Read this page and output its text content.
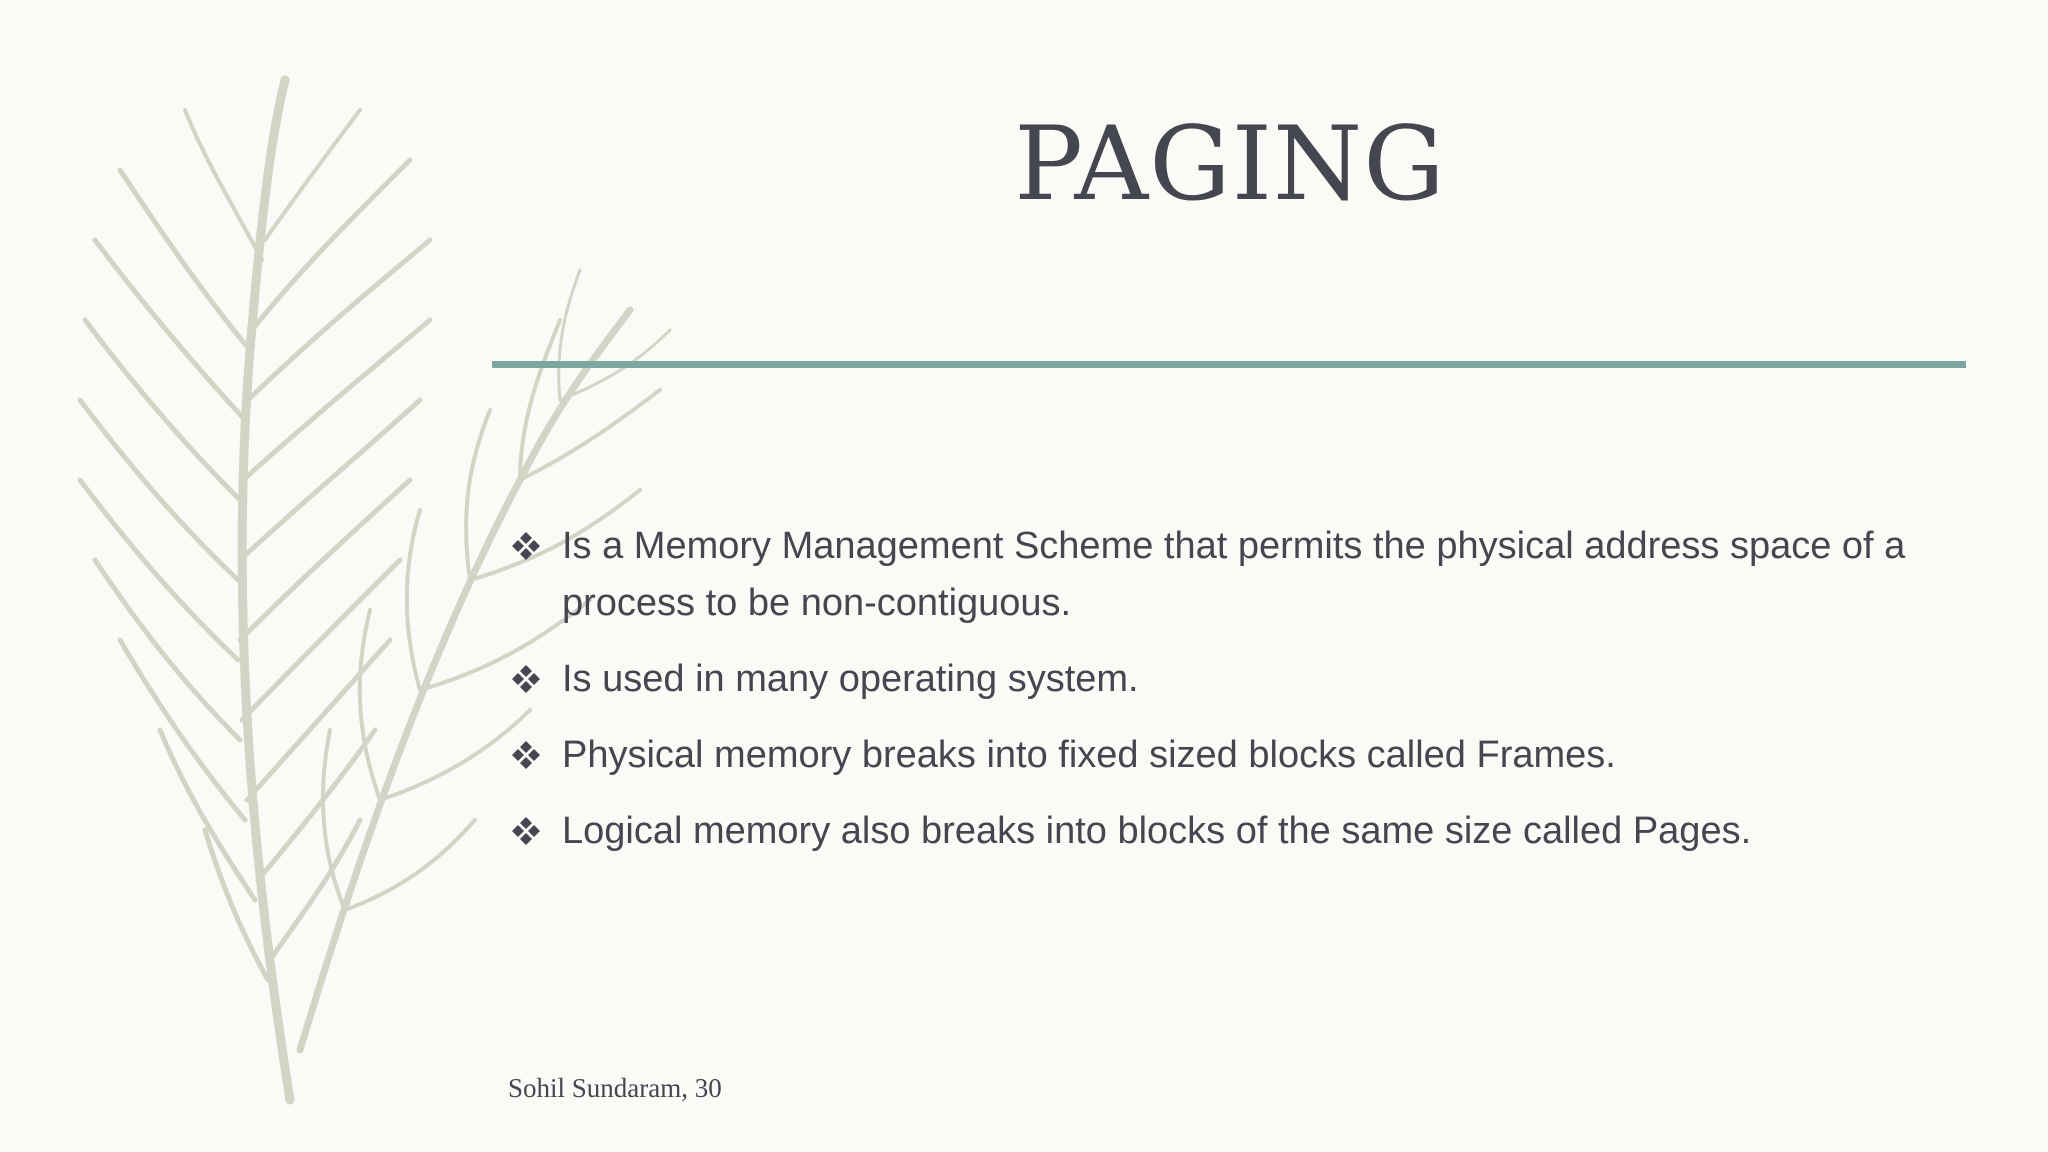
PAGING
Is a Memory Management Scheme that permits the physical address space of a process to be non-contiguous.
Is used in many operating system.
Physical memory breaks into fixed sized blocks called Frames.
Logical memory also breaks into blocks of the same size called Pages.
Sohil Sundaram, 30
